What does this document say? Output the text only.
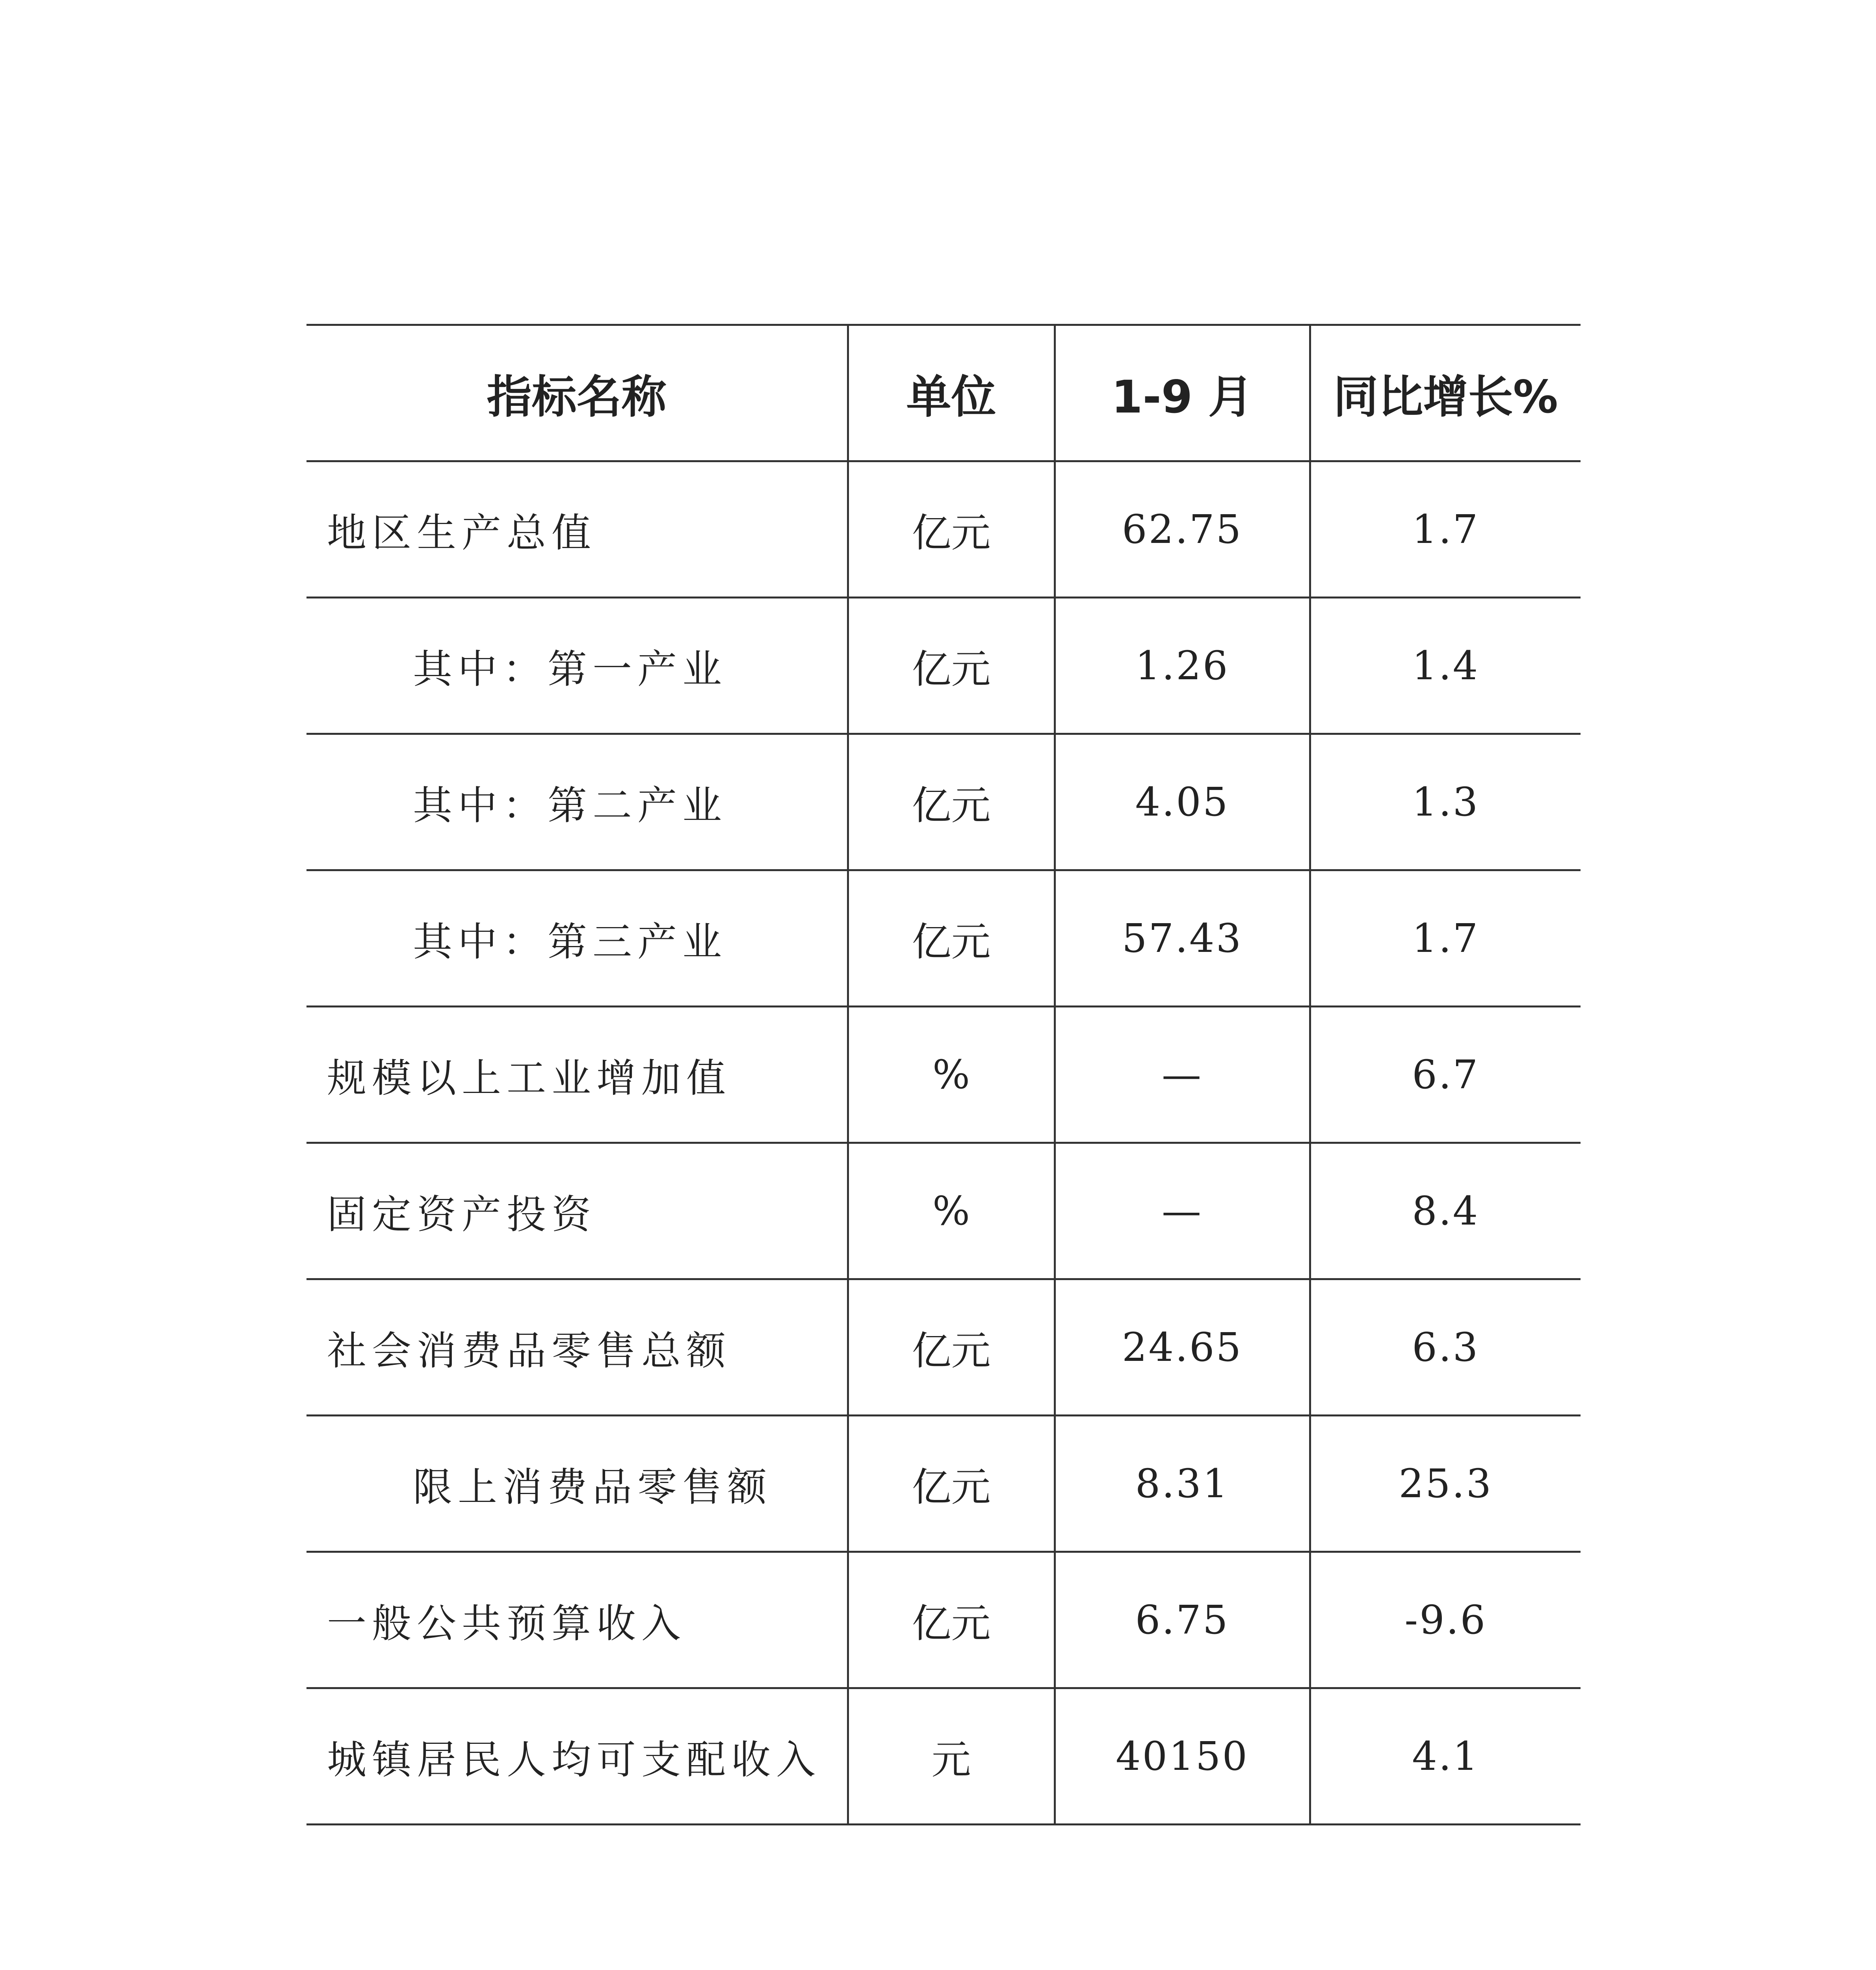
指标名称	单位	1-9 月	同比增长%
地区生产总值	亿元	62.75	1.7
其中：第一产业	亿元	1.26	1.4
其中：第二产业	亿元	4.05	1.3
其中：第三产业	亿元	57.43	1.7
规模以上工业增加值	%	—	6.7
固定资产投资	%	—	8.4
社会消费品零售总额	亿元	24.65	6.3
限上消费品零售额	亿元	8.31	25.3
一般公共预算收入	亿元	6.75	-9.6
城镇居民人均可支配收入	元	40150	4.1
